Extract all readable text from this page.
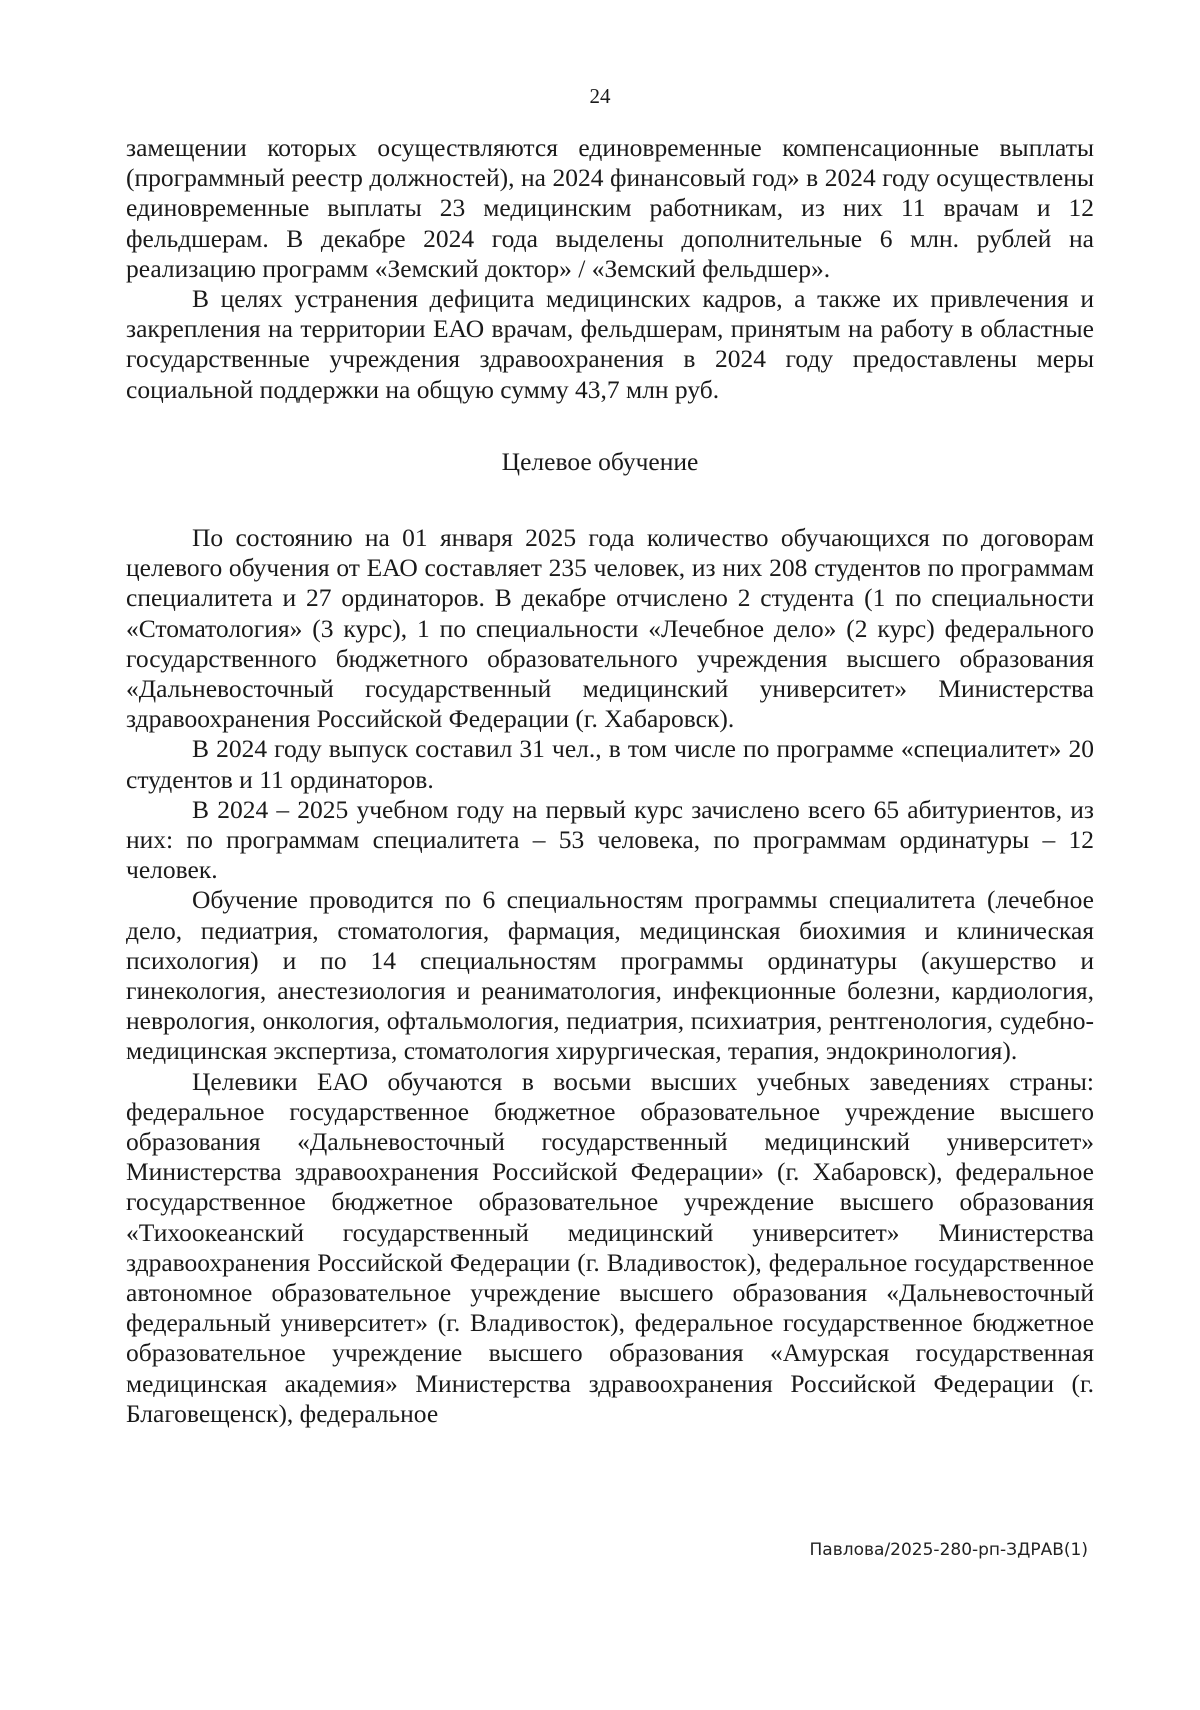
24

замещении которых осуществляются единовременные компенсационные выплаты (программный реестр должностей), на 2024 финансовый год» в 2024 году осуществлены единовременные выплаты 23 медицинским работникам, из них 11 врачам и 12 фельдшерам. В декабре 2024 года выделены дополнительные 6 млн. рублей на реализацию программ «Земский доктор» / «Земский фельдшер».

В целях устранения дефицита медицинских кадров, а также их привлечения и закрепления на территории ЕАО врачам, фельдшерам, принятым на работу в областные государственные учреждения здравоохранения в 2024 году предоставлены меры социальной поддержки на общую сумму 43,7 млн руб.

Целевое обучение

По состоянию на 01 января 2025 года количество обучающихся по договорам целевого обучения от ЕАО составляет 235 человек, из них 208 студентов по программам специалитета и 27 ординаторов. В декабре отчислено 2 студента (1 по специальности «Стоматология» (3 курс), 1 по специальности «Лечебное дело» (2 курс) федерального государственного бюджетного образовательного учреждения высшего образования «Дальневосточный государственный медицинский университет» Министерства здравоохранения Российской Федерации (г. Хабаровск).

В 2024 году выпуск составил 31 чел., в том числе по программе «специалитет» 20 студентов и 11 ординаторов.

В 2024 – 2025 учебном году на первый курс зачислено всего 65 абитуриентов, из них: по программам специалитета – 53 человека, по программам ординатуры – 12 человек.

Обучение проводится по 6 специальностям программы специалитета (лечебное дело, педиатрия, стоматология, фармация, медицинская биохимия и клиническая психология) и по 14 специальностям программы ординатуры (акушерство и гинекология, анестезиология и реаниматология, инфекционные болезни, кардиология, неврология, онкология, офтальмология, педиатрия, психиатрия, рентгенология, судебно-медицинская экспертиза, стоматология хирургическая, терапия, эндокринология).

Целевики ЕАО обучаются в восьми высших учебных заведениях страны: федеральное государственное бюджетное образовательное учреждение высшего образования «Дальневосточный государственный медицинский университет» Министерства здравоохранения Российской Федерации» (г. Хабаровск), федеральное государственное бюджетное образовательное учреждение высшего образования «Тихоокеанский государственный медицинский университет» Министерства здравоохранения Российской Федерации (г. Владивосток), федеральное государственное автономное образовательное учреждение высшего образования «Дальневосточный федеральный университет» (г. Владивосток), федеральное государственное бюджетное образовательное учреждение высшего образования «Амурская государственная медицинская академия» Министерства здравоохранения Российской Федерации (г. Благовещенск), федеральное

Павлова/2025-280-рп-ЗДРАВ(1)
